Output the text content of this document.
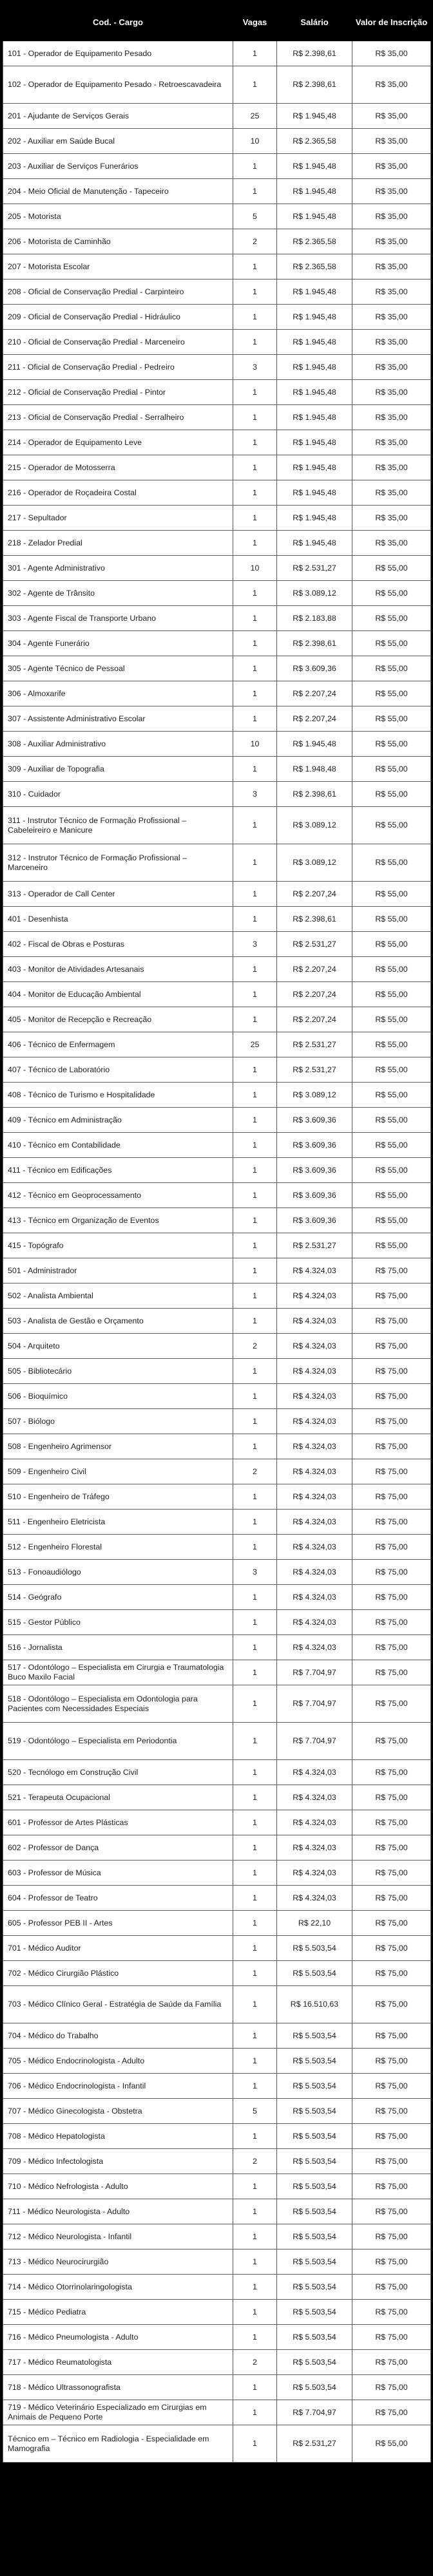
Cod. - Cargo	Vagas	Salário	Valor de Inscrição
101 - Operador de Equipamento Pesado	1	R$ 2.398,61	R$ 35,00
102 - Operador de Equipamento Pesado - Retroescavadeira	1	R$ 2.398,61	R$ 35,00
201 - Ajudante de Serviços Gerais	25	R$ 1.945,48	R$ 35,00
202 - Auxiliar em Saúde Bucal	10	R$ 2.365,58	R$ 35,00
203 - Auxiliar de Serviços Funerários	1	R$ 1.945,48	R$ 35,00
204 - Meio Oficial de Manutenção - Tapeceiro	1	R$ 1.945,48	R$ 35,00
205 - Motorista	5	R$ 1.945,48	R$ 35,00
206 - Motorista de Caminhão	2	R$ 2.365,58	R$ 35,00
207 - Motorista Escolar	1	R$ 2.365,58	R$ 35,00
208 - Oficial de Conservação Predial - Carpinteiro	1	R$ 1.945,48	R$ 35,00
209 - Oficial de Conservação Predial - Hidráulico	1	R$ 1.945,48	R$ 35,00
210 - Oficial de Conservação Predial - Marceneiro	1	R$ 1.945,48	R$ 35,00
211 - Oficial de Conservação Predial - Pedreiro	3	R$ 1.945,48	R$ 35,00
212 - Oficial de Conservação Predial - Pintor	1	R$ 1.945,48	R$ 35,00
213 - Oficial de Conservação Predial - Serralheiro	1	R$ 1.945,48	R$ 35,00
214 - Operador de Equipamento Leve	1	R$ 1.945,48	R$ 35,00
215 - Operador de Motosserra	1	R$ 1.945,48	R$ 35,00
216 - Operador de Roçadeira Costal	1	R$ 1.945,48	R$ 35,00
217 - Sepultador	1	R$ 1.945,48	R$ 35,00
218 - Zelador Predial	1	R$ 1.945,48	R$ 35,00
301 - Agente Administrativo	10	R$ 2.531,27	R$ 55,00
302 - Agente de Trânsito	1	R$ 3.089,12	R$ 55,00
303 - Agente Fiscal de Transporte Urbano	1	R$ 2.183,88	R$ 55,00
304 - Agente Funerário	1	R$ 2.398,61	R$ 55,00
305 - Agente Técnico de Pessoal	1	R$ 3.609,36	R$ 55,00
306 - Almoxarife	1	R$ 2.207,24	R$ 55,00
307 - Assistente Administrativo Escolar	1	R$ 2.207,24	R$ 55,00
308 - Auxiliar Administrativo	10	R$ 1.945,48	R$ 55,00
309 - Auxiliar de Topografia	1	R$ 1.948,48	R$ 55,00
310 - Cuidador	3	R$ 2.398,61	R$ 55,00
311 - Instrutor Técnico de Formação Profissional – Cabeleireiro e Manicure	1	R$ 3.089,12	R$ 55,00
312 - Instrutor Técnico de Formação Profissional – Marceneiro	1	R$ 3.089,12	R$ 55,00
313 - Operador de Call Center	1	R$ 2.207,24	R$ 55,00
401 - Desenhista	1	R$ 2.398,61	R$ 55,00
402 - Fiscal de Obras e Posturas	3	R$ 2.531,27	R$ 55,00
403 - Monitor de Atividades Artesanais	1	R$ 2.207,24	R$ 55,00
404 - Monitor de Educação Ambiental	1	R$ 2.207,24	R$ 55,00
405 - Monitor de Recepção e Recreação	1	R$ 2.207,24	R$ 55,00
406 - Técnico de Enfermagem	25	R$ 2.531,27	R$ 55,00
407 - Técnico de Laboratório	1	R$ 2.531,27	R$ 55,00
408 - Técnico de Turismo e Hospitalidade	1	R$ 3.089,12	R$ 55,00
409 - Técnico em Administração	1	R$ 3.609,36	R$ 55,00
410 - Técnico em Contabilidade	1	R$ 3.609,36	R$ 55,00
411 - Técnico em Edificações	1	R$ 3.609,36	R$ 55,00
412 - Técnico em Geoprocessamento	1	R$ 3.609,36	R$ 55,00
413 - Técnico em Organização de Eventos	1	R$ 3.609,36	R$ 55,00
415 - Topógrafo	1	R$ 2.531,27	R$ 55,00
501 - Administrador	1	R$ 4.324,03	R$ 75,00
502 - Analista Ambiental	1	R$ 4.324,03	R$ 75,00
503 - Analista de Gestão e Orçamento	1	R$ 4.324,03	R$ 75,00
504 - Arquiteto	2	R$ 4.324,03	R$ 75,00
505 - Bibliotecário	1	R$ 4.324,03	R$ 75,00
506 - Bioquímico	1	R$ 4.324,03	R$ 75,00
507 - Biólogo	1	R$ 4.324,03	R$ 75,00
508 - Engenheiro Agrimensor	1	R$ 4.324,03	R$ 75,00
509 - Engenheiro Civil	2	R$ 4.324,03	R$ 75,00
510 - Engenheiro de Tráfego	1	R$ 4.324,03	R$ 75,00
511 - Engenheiro Eletricista	1	R$ 4.324,03	R$ 75,00
512 - Engenheiro Florestal	1	R$ 4.324,03	R$ 75,00
513 - Fonoaudiólogo	3	R$ 4.324,03	R$ 75,00
514 - Geógrafo	1	R$ 4.324,03	R$ 75,00
515 - Gestor Público	1	R$ 4.324,03	R$ 75,00
516 - Jornalista	1	R$ 4.324,03	R$ 75,00
517 - Odontólogo – Especialista em Cirurgia e Traumatologia Buco Maxilo Facial	1	R$ 7.704,97	R$ 75,00
518 - Odontólogo – Especialista em Odontologia para Pacientes com Necessidades Especiais	1	R$ 7.704,97	R$ 75,00
519 - Odontólogo – Especialista em Periodontia	1	R$ 7.704,97	R$ 75,00
520 - Tecnólogo em Construção Civil	1	R$ 4.324,03	R$ 75,00
521 - Terapeuta Ocupacional	1	R$ 4.324,03	R$ 75,00
601 - Professor de Artes Plásticas	1	R$ 4.324,03	R$ 75,00
602 - Professor de Dança	1	R$ 4.324,03	R$ 75,00
603 - Professor de Música	1	R$ 4.324,03	R$ 75,00
604 - Professor de Teatro	1	R$ 4.324,03	R$ 75,00
605 - Professor PEB II - Artes	1	R$ 22,10	R$ 75,00
701 - Médico Auditor	1	R$ 5.503,54	R$ 75,00
702 - Médico Cirurgião Plástico	1	R$ 5.503,54	R$ 75,00
703 - Médico Clínico Geral - Estratégia de Saúde da Família	1	R$ 16.510,63	R$ 75,00
704 - Médico do Trabalho	1	R$ 5.503,54	R$ 75,00
705 - Médico Endocrinologista - Adulto	1	R$ 5.503,54	R$ 75,00
706 - Médico Endocrinologista - Infantil	1	R$ 5.503,54	R$ 75,00
707 - Médico Ginecologista - Obstetra	5	R$ 5.503,54	R$ 75,00
708 - Médico Hepatologista	1	R$ 5.503,54	R$ 75,00
709 - Médico Infectologista	2	R$ 5.503,54	R$ 75,00
710 - Médico Nefrologista - Adulto	1	R$ 5.503,54	R$ 75,00
711 - Médico Neurologista - Adulto	1	R$ 5.503,54	R$ 75,00
712 - Médico Neurologista - Infantil	1	R$ 5.503,54	R$ 75,00
713 - Médico Neurocirurgião	1	R$ 5.503,54	R$ 75,00
714 - Médico Otorrinolaringologista	1	R$ 5.503,54	R$ 75,00
715 - Médico Pediatra	1	R$ 5.503,54	R$ 75,00
716 - Médico Pneumologista - Adulto	1	R$ 5.503,54	R$ 75,00
717 - Médico Reumatologista	2	R$ 5.503,54	R$ 75,00
718 - Médico Ultrassonografista	1	R$ 5.503,54	R$ 75,00
719 - Médico Veterinário Especializado em Cirurgias em Animais de Pequeno Porte	1	R$ 7.704,97	R$ 75,00
Técnico em – Técnico em Radiologia - Especialidade em Mamografia	1	R$ 2.531,27	R$ 55,00
